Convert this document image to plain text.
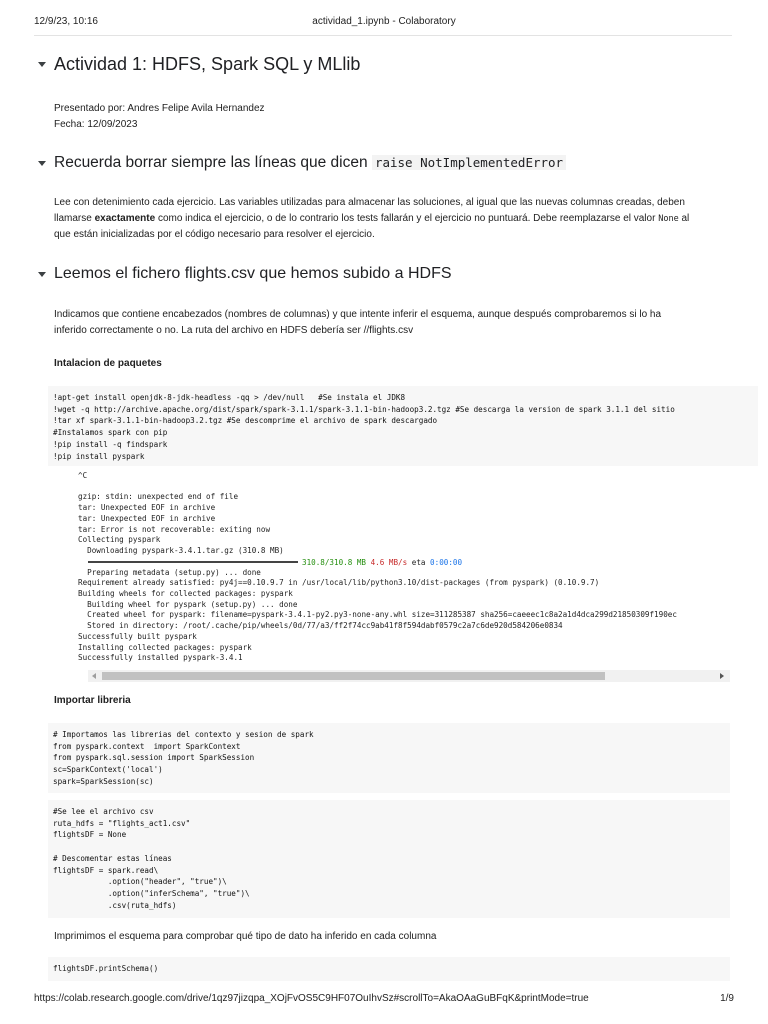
12/9/23, 10:16	actividad_1.ipynb - Colaboratory
Actividad 1: HDFS, Spark SQL y MLlib
Presentado por: Andres Felipe Avila Hernandez
Fecha: 12/09/2023
Recuerda borrar siempre las líneas que dicen raise NotImplementedError
Lee con detenimiento cada ejercicio. Las variables utilizadas para almacenar las soluciones, al igual que las nuevas columnas creadas, deben
llamarse exactamente como indica el ejercicio, o de lo contrario los tests fallarán y el ejercicio no puntuará. Debe reemplazarse el valor None al
que están inicializadas por el código necesario para resolver el ejercicio.
Leemos el fichero flights.csv que hemos subido a HDFS
Indicamos que contiene encabezados (nombres de columnas) y que intente inferir el esquema, aunque después comprobaremos si lo ha
inferido correctamente o no. La ruta del archivo en HDFS debería ser //flights.csv
Intalacion de paquetes
!apt-get install openjdk-8-jdk-headless -qq > /dev/null   #Se instala el JDK8
!wget -q http://archive.apache.org/dist/spark/spark-3.1.1/spark-3.1.1-bin-hadoop3.2.tgz #Se descarga la version de spark 3.1.1 del sitio
!tar xf spark-3.1.1-bin-hadoop3.2.tgz #Se descomprime el archivo de spark descargado
#Instalamos spark con pip
!pip install -q findspark
!pip install pyspark
^C

gzip: stdin: unexpected end of file
tar: Unexpected EOF in archive
tar: Unexpected EOF in archive
tar: Error is not recoverable: exiting now
Collecting pyspark
Downloading pyspark-3.4.1.tar.gz (310.8 MB)
310.8/310.8 MB
4.6 MB/s
eta
0:00:00
Preparing metadata (setup.py) ... done
Requirement already satisfied: py4j==0.10.9.7 in /usr/local/lib/python3.10/dist-packages (from pyspark) (0.10.9.7)
Building wheels for collected packages: pyspark
Building wheel for pyspark (setup.py) ... done
Created wheel for pyspark: filename=pyspark-3.4.1-py2.py3-none-any.whl size=311285387 sha256=caeeec1c8a2a1d4dca299d21850309f190ec
Stored in directory: /root/.cache/pip/wheels/0d/77/a3/ff2f74cc9ab41f8f594dabf0579c2a7c6de920d584206e0834
Successfully built pyspark
Installing collected packages: pyspark
Successfully installed pyspark-3.4.1
Importar libreria
# Importamos las librerias del contexto y sesion de spark
from pyspark.context  import SparkContext
from pyspark.sql.session import SparkSession
sc=SparkContext('local')
spark=SparkSession(sc)
#Se lee el archivo csv
ruta_hdfs = "flights_act1.csv"
flightsDF = None

# Descomentar estas líneas
flightsDF = spark.read\
.option("header", "true")\
.option("inferSchema", "true")\
.csv(ruta_hdfs)
Imprimimos el esquema para comprobar qué tipo de dato ha inferido en cada columna
flightsDF.printSchema()
https://colab.research.google.com/drive/1qz97jizqpa_XOjFvOS5C9HF07OuIhvSz#scrollTo=AkaOAaGuBFqK&printMode=true	1/9
